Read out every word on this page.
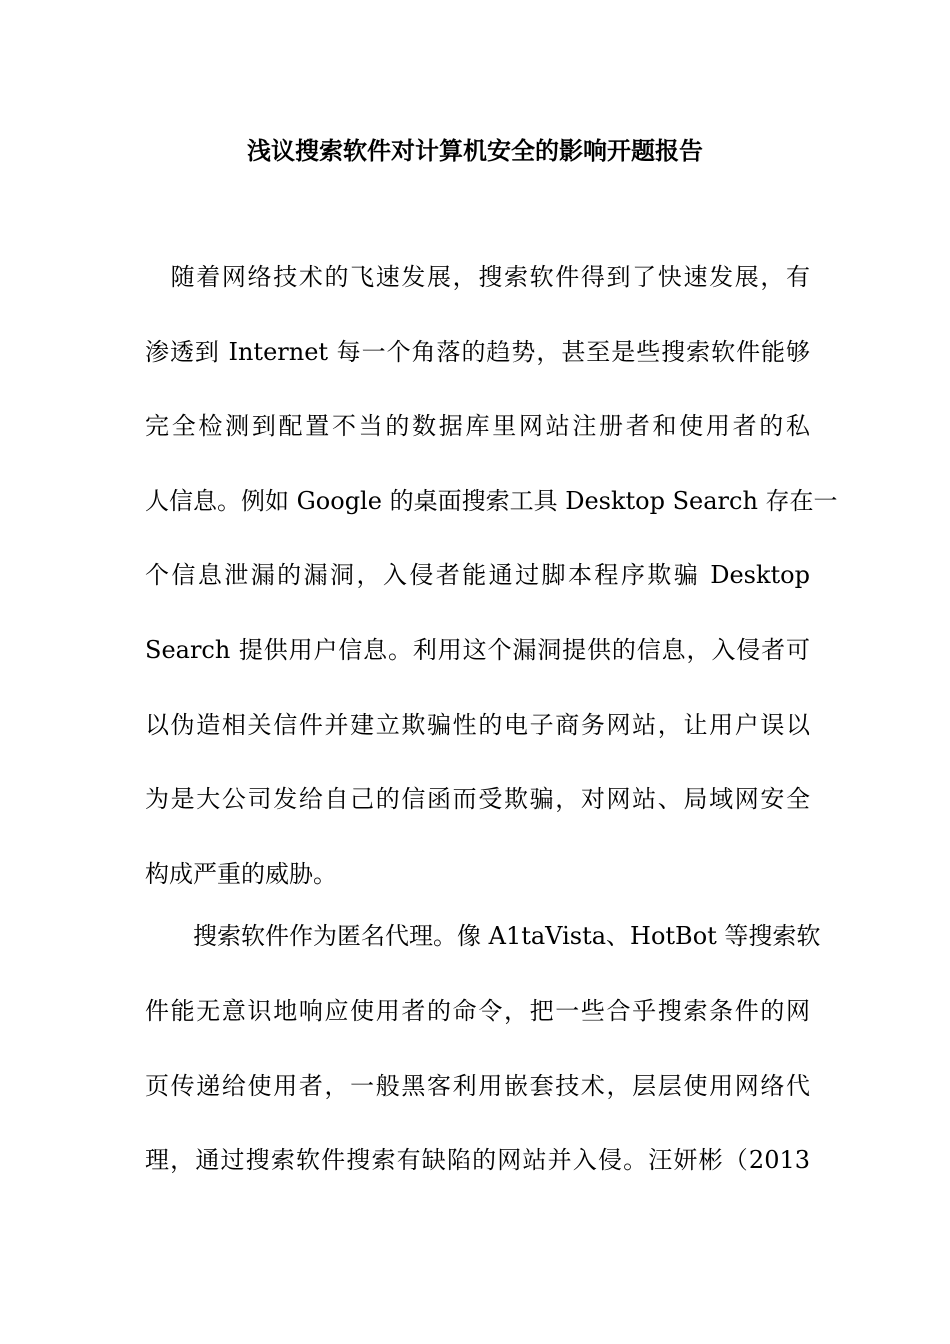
浅议搜索软件对计算机安全的影响开题报告
　随着网络技术的飞速发展，搜索软件得到了快速发展，有
渗透到 Internet 每一个角落的趋势，甚至是些搜索软件能够
完全检测到配置不当的数据库里网站注册者和使用者的私
人信息。例如 Google 的桌面搜索工具 Desktop Search 存在一
个信息泄漏的漏洞，入侵者能通过脚本程序欺骗 Desktop
Search 提供用户信息。利用这个漏洞提供的信息，入侵者可
以伪造相关信件并建立欺骗性的电子商务网站，让用户误以
为是大公司发给自己的信函而受欺骗，对网站、局域网安全
构成严重的威胁。
　　搜索软件作为匿名代理。像 A1taVista、HotBot 等搜索软
件能无意识地响应使用者的命令，把一些合乎搜索条件的网
页传递给使用者，一般黑客利用嵌套技术，层层使用网络代
理，通过搜索软件搜索有缺陷的网站并入侵。汪妍彬（2013
